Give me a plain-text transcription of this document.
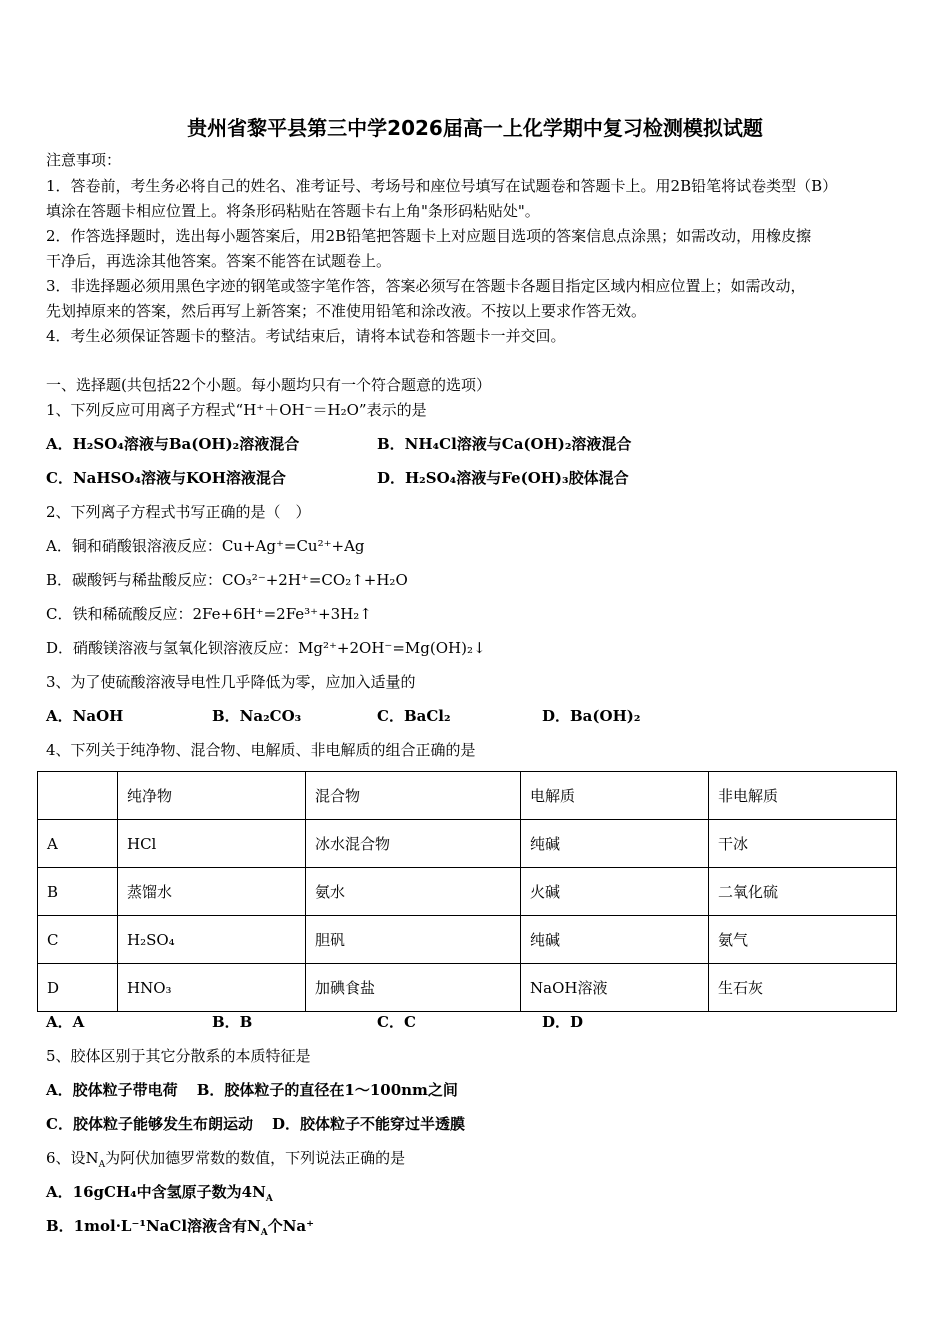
贵州省黎平县第三中学2026届高一上化学期中复习检测模拟试题
注意事项：
1．答卷前，考生务必将自己的姓名、准考证号、考场号和座位号填写在试题卷和答题卡上。用2B铅笔将试卷类型（B）
填涂在答题卡相应位置上。将条形码粘贴在答题卡右上角"条形码粘贴处"。
2．作答选择题时，选出每小题答案后，用2B铅笔把答题卡上对应题目选项的答案信息点涂黑；如需改动，用橡皮擦
干净后，再选涂其他答案。答案不能答在试题卷上。
3．非选择题必须用黑色字迹的钢笔或签字笔作答，答案必须写在答题卡各题目指定区域内相应位置上；如需改动，
先划掉原来的答案，然后再写上新答案；不准使用铅笔和涂改液。不按以上要求作答无效。
4．考生必须保证答题卡的整洁。考试结束后，请将本试卷和答题卡一并交回。
一、选择题(共包括22个小题。每小题均只有一个符合题意的选项）
1、下列反应可用离子方程式“H⁺＋OH⁻＝H₂O”表示的是
A．H₂SO₄溶液与Ba(OH)₂溶液混合	B．NH₄Cl溶液与Ca(OH)₂溶液混合
C．NaHSO₄溶液与KOH溶液混合	D．H₂SO₄溶液与Fe(OH)₃胶体混合
2、下列离子方程式书写正确的是（　）
A．铜和硝酸银溶液反应：Cu+Ag⁺=Cu²⁺+Ag
B．碳酸钙与稀盐酸反应：CO₃²⁻+2H⁺=CO₂↑+H₂O
C．铁和稀硫酸反应：2Fe+6H⁺=2Fe³⁺+3H₂↑
D．硝酸镁溶液与氢氧化钡溶液反应：Mg²⁺+2OH⁻=Mg(OH)₂↓
3、为了使硫酸溶液导电性几乎降低为零，应加入适量的
A．NaOH	B．Na₂CO₃	C．BaCl₂	D．Ba(OH)₂
4、下列关于纯净物、混合物、电解质、非电解质的组合正确的是
	纯净物	混合物	电解质	非电解质
A	HCl	冰水混合物	纯碱	干冰
B	蒸馏水	氨水	火碱	二氧化硫
C	H₂SO₄	胆矾	纯碱	氨气
D	HNO₃	加碘食盐	NaOH溶液	生石灰
A．A	B．B	C．C	D．D
5、胶体区别于其它分散系的本质特征是
A．胶体粒子带电荷 B．胶体粒子的直径在1～100nm之间
C．胶体粒子能够发生布朗运动 D．胶体粒子不能穿过半透膜
6、设$N_A$为阿伏加德罗常数的数值，下列说法正确的是
A．16gCH₄中含氢原子数为$4N_A$
B．1mol·L⁻¹NaCl溶液含有$N_A$个Na⁺
